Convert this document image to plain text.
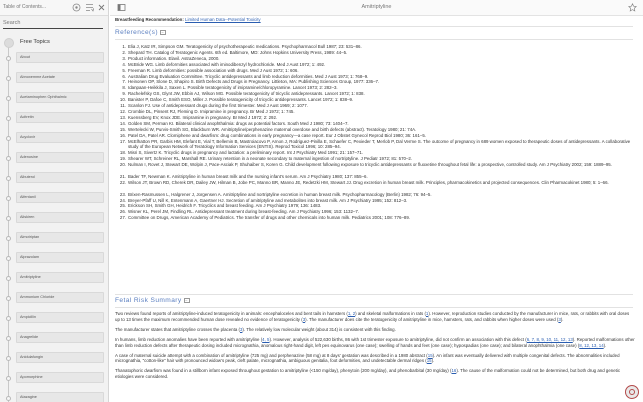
Table of Contents...
Search
Free Topics
About
Abnoxemme Acetate
Acetaminophen Ophthalmic
Acitretin
Acyclovir
Adenosine
Albuterol
Alfentanil
Aliskiren
Almotriptan
Alprazolam
Amitriptyline
Ammonium Chloride
Ampicillin
Anagrelide
Anidulafungin
Apomorphine
Atazagine
Amitriptyline

Breastfeeding Recommendation: Limited Human Data--Potential Toxicity

Reference(s) −
1. Elia J, Katz IR, Simpson GM. Teratogenicity of psychotherapeutic medications. Psychopharmacol Bull 1987; 23: 531–86.
2. Shepard TH. Catalog of Teratogenic Agents. 6th ed. Baltimore, MD: Johns Hopkins University Press, 1989: 44–5.
3. Product information. Elavil. AstraZeneca, 2000.
4. McBride WG. Limb deformities associated with iminodibenzyl hydrochloride. Med J Aust 1972; 1: 492.
5. Freeman R. Limb deformities: possible association with drugs. Med J Aust 1972; 1: 606.
6. Australian Drug Evaluation Committee. Tricyclic antidepressants and limb reduction deformities. Med J Aust 1973; 1: 768–9.
7. Heinonen OP, Slone D, Shapiro S. Birth Defects and Drugs in Pregnancy. Littleton, MA: Publishing Sciences Group, 1977: 336–7.
8. Idanpaan-Heikkila J, Saxen L. Possible teratogenicity of imipramine/chloropyramine. Lancet 1973; 2: 282–3.
9. Rachelefsky GS, Glynt JW, Ebbin AJ, Wilson MG. Possible teratogenicity of tricyclic antidepressants. Lancet 1972; 1: 838.
10. Banister P, Dafoe C, Smith ESO, Miller J. Possible teratogenicity of tricyclic antidepressants. Lancet 1972; 1: 838–9.
11. Scanlon FJ. Use of antidepressant drugs during the first trimester. Med J Aust 1969; 2: 1077.
12. Crombie DL, Pinsent RJ, Fleming D. Imipramine in pregnancy. Br Med J 1972; 1: 745.
13. Kuenssberg EV, Knox JDE. Imipramine in pregnancy. Br Med J 1972; 2: 292.
14. Golden SM, Perman KI. Bilateral clinical anophthalmia: drugs as potential factors. South Med J 1980; 73: 1404–7.
15. Wertelecki W, Purvis-Smith SG, Blackburn WR. Amitriptyline/perphenazine maternal overdose and birth defects (abstract). Teratology 1980; 21: 74A.
16. Patel DA, Patel AR. Clomiphene and dwarfism: drug combinations in early pregnancy—a case report. Eur J Obstet Gynecol Reprod Biol 1980; 36: 161–5.
17. McElhatton PR, Garbis HM, Elefant E, Vial T, Bellemin B, Mastroiacovo P, Arnon J, Rodriguez-Pinilla E, Schaefer C, Pexieder T, Merlob P, Dal Verme S. The outcome of pregnancy in 689 women exposed to therapeutic doses of antidepressants. A collaborative study of the European Network of Teratology Information Services (ENTIS). Reprod Toxicol 1996; 10: 285–94.
18. Misri S, Sivertz K. Tricyclic drugs in pregnancy and lactation: a preliminary report. Int J Psychiatry Med 1991; 21: 157–71.
19. Shearer WT, Schreiner RL, Marshall RE. Urinary retention in a neonate secondary to maternal ingestion of nortriptyline. J Pediatr 1972; 81: 570–2.
20. Nulman I, Rovet J, Stewart DE, Wolpin J, Pace-Asciak P, Shuhaiber S, Koren G. Child development following exposure to tricyclic antidepressants or fluoxetine throughout fetal life: a prospective, controlled study. Am J Psychiatry 2002; 159: 1889–95.
21. Bader TF, Newman K. Amitriptyline in human breast milk and the nursing infant's serum. Am J Psychiatry 1980; 137: 855–6.
22. Wilson JT, Brown RD, Cherek DR, Dailey JW, Hilman B, Jobe PC, Manno BR, Manno JE, Redetzki HM, Stewart JJ. Drug excretion in human breast milk. Principles, pharmacokinetics and projected consequences. Clin Pharmacokinet 1980; 5: 1–66.
23. Brixen-Rasmussen L, Halgrener J, Jorgensen A. Amitriptyline and nortriptyline excretion in human breast milk. Psychopharmacology (Berlin) 1982; 76: 94–5.
24. Breyer-Pfaff U, Nill K, Entenmann A, Gaertner HJ. Secretion of amitriptyline and metabolites into breast milk. Am J Psychiatry 1995; 152: 812–3.
25. Erickson SH, Smith GH, Heidrich F. Tricyclics and breast feeding. Am J Psychiatry 1979; 136: 1483.
26. Wisner KL, Perel JM, Findling RL. Antidepressant treatment during breast-feeding. Am J Psychiatry 1996; 153: 1132–7.
27. Committee on Drugs, American Academy of Pediatrics. The transfer of drugs and other chemicals into human milk. Pediatrics 2001; 108: 776–89.
Fetal Risk Summary −

Two reviews found reports of amitriptyline-induced teratogenicity in animals: encephaloceles and bent tails in hamsters (1, 2) and skeletal malformations in rats (1). However, reproduction studies conducted by the manufacturer in mice, rats, or rabbits with oral doses up to 13 times the maximum recommended human dose revealed no evidence of teratogenicity (3). The manufacturer does cite the teratogenicity of amitriptyline in mice, hamsters, rats, and rabbits when higher doses were used (3).

The manufacturer states that amitriptyline crosses the placenta (3). The relatively low molecular weight (about 314) is consistent with this finding.

In humans, limb reduction anomalies have been reported with amitriptyline (4, 5). However, analysis of 522,630 births, 86 with 1st trimester exposure to amitriptyline, did not confirm an association with this defect (6, 7, 8, 9, 10, 11, 12, 13). Reported malformations other than limb reduction defects after therapeutic dosing included micrognathia, anomalous right-hand digit, left pes equinovarus (one case); swelling of hands and feet (one case); hypospadias (one case); and bilateral anophthalmia (one case) (8, 12, 13, 14).

A case of maternal suicide attempt with a combination of amitriptyline (725 mg) and perphenazine (58 mg) at 8 days' gestation was described in a 1980 abstract (15). An infant was eventually delivered with multiple congenital defects. The abnormalities included micrognathia, "cotton-like" hair with pronounced widow's peak, cleft palate, micrognathia, ambiguous genitalia, foot deformities, and undetectable dermal ridges (15).

Thanatophoric dwarfism was found in a stillborn infant exposed throughout gestation to amitriptyline (<150 mg/day), phenytoin (200 mg/day), and phenobarbital (30 mg/day) (16). The cause of the malformation could not be determined, but both drug and genetic etiologies were considered.
